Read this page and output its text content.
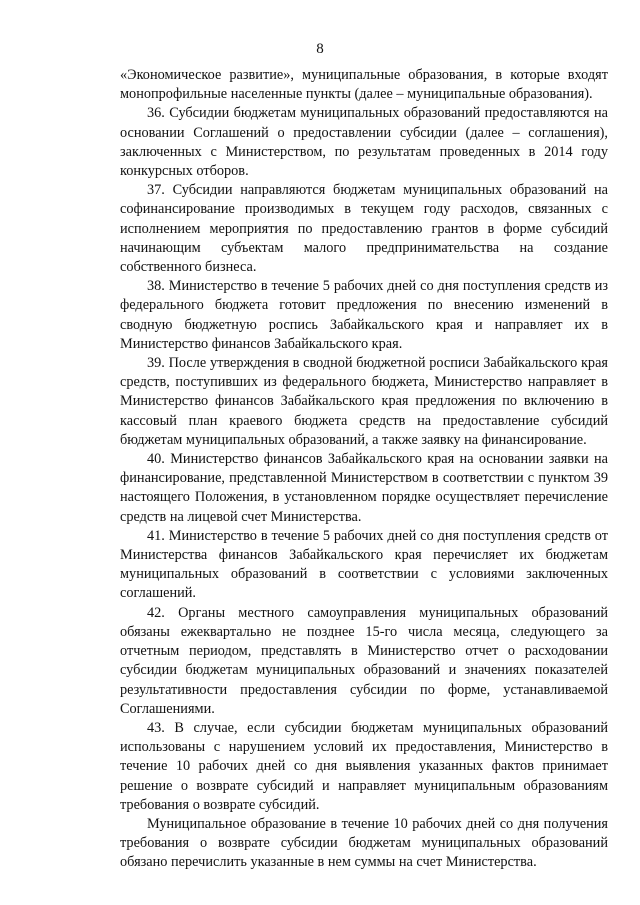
8

«Экономическое развитие», муниципальные образования, в которые входят монопрофильные населенные пункты (далее – муниципальные образования).

36. Субсидии бюджетам муниципальных образований предоставляются на основании Соглашений о предоставлении субсидии (далее – соглашения), заключенных с Министерством, по результатам проведенных в 2014 году конкурсных отборов.

37. Субсидии направляются бюджетам муниципальных образований на софинансирование производимых в текущем году расходов, связанных с исполнением мероприятия по предоставлению грантов в форме субсидий начинающим субъектам малого предпринимательства на создание собственного бизнеса.

38. Министерство в течение 5 рабочих дней со дня поступления средств из федерального бюджета готовит предложения по внесению изменений в сводную бюджетную роспись Забайкальского края и направляет их в Министерство финансов Забайкальского края.

39. После утверждения в сводной бюджетной росписи Забайкальского края средств, поступивших из федерального бюджета, Министерство направляет в Министерство финансов Забайкальского края предложения по включению в кассовый план краевого бюджета средств на предоставление субсидий бюджетам муниципальных образований, а также заявку на финансирование.

40. Министерство финансов Забайкальского края на основании заявки на финансирование, представленной Министерством в соответствии с пунктом 39 настоящего Положения, в установленном порядке осуществляет перечисление средств на лицевой счет Министерства.

41. Министерство в течение 5 рабочих дней со дня поступления средств от Министерства финансов Забайкальского края перечисляет их бюджетам муниципальных образований в соответствии с условиями заключенных соглашений.

42. Органы местного самоуправления муниципальных образований обязаны ежеквартально не позднее 15-го числа месяца, следующего за отчетным периодом, представлять в Министерство отчет о расходовании субсидии бюджетам муниципальных образований и значениях показателей результативности предоставления субсидии по форме, устанавливаемой Соглашениями.

43. В случае, если субсидии бюджетам муниципальных образований использованы с нарушением условий их предоставления, Министерство в течение 10 рабочих дней со дня выявления указанных фактов принимает решение о возврате субсидий и направляет муниципальным образованиям требования о возврате субсидий.

Муниципальное образование в течение 10 рабочих дней со дня получения требования о возврате субсидии бюджетам муниципальных образований обязано перечислить указанные в нем суммы на счет Министерства.
